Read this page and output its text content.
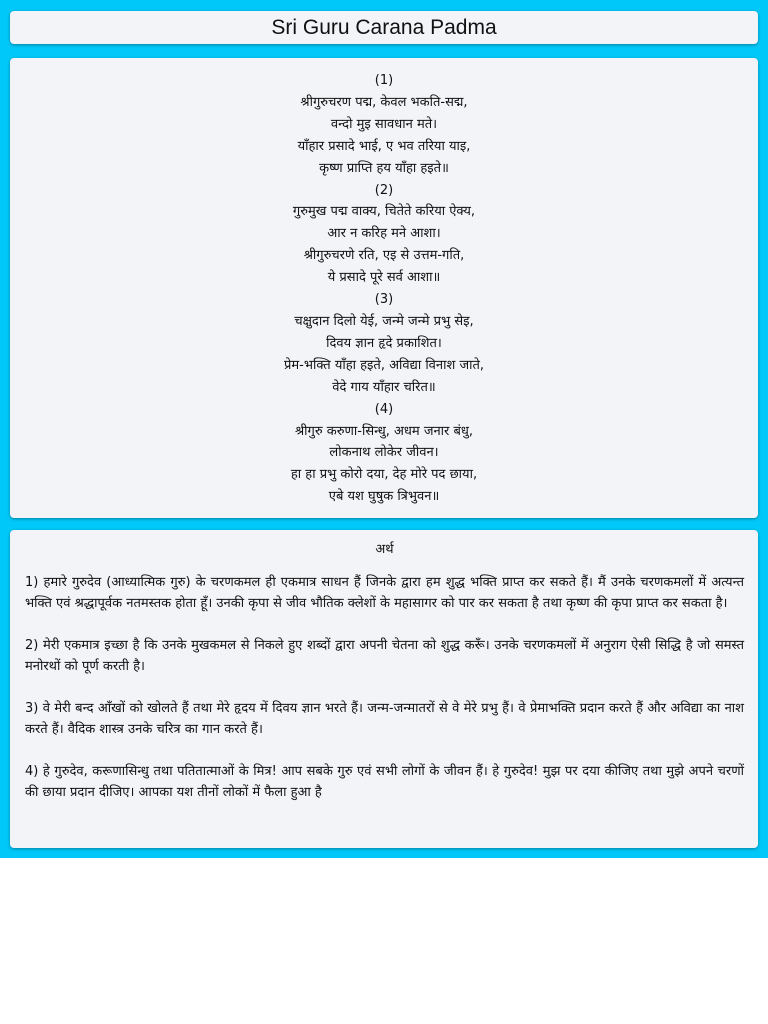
Sri Guru Carana Padma
(1)
श्रीगुरुचरण पद्म, केवल भकति-सद्म,
वन्दो मुइ सावधान मते।
याँहार प्रसादे भाई, ए भव तरिया याइ,
कृष्ण प्राप्ति हय याँहा हइते॥
(2)
गुरुमुख पद्म वाक्य, चितेते करिया ऐक्य,
आर न करिह मने आशा।
श्रीगुरुचरणे रति, एइ से उत्तम-गति,
ये प्रसादे पूरे सर्व आशा॥
(3)
चक्षुदान दिलो येई, जन्मे जन्मे प्रभु सेइ,
दिवय ज्ञान हृदे प्रकाशित।
प्रेम-भक्ति याँहा हइते, अविद्या विनाश जाते,
वेदे गाय याँहार चरित॥
(4)
श्रीगुरु करुणा-सिन्धु, अधम जनार बंधु,
लोकनाथ लोकेर जीवन।
हा हा प्रभु कोरो दया, देह मोरे पद छाया,
एबे यश घुषुक त्रिभुवन॥
अर्थ

1) हमारे गुरुदेव (आध्यात्मिक गुरु) के चरणकमल ही एकमात्र साधन हैं जिनके द्वारा हम शुद्ध भक्ति प्राप्त कर सकते हैं। मैं उनके चरणकमलों में अत्यन्त भक्ति एवं श्रद्धापूर्वक नतमस्तक होता हूँ। उनकी कृपा से जीव भौतिक क्लेशों के महासागर को पार कर सकता है तथा कृष्ण की कृपा प्राप्त कर सकता है।

2) मेरी एकमात्र इच्छा है कि उनके मुखकमल से निकले हुए शब्दों द्वारा अपनी चेतना को शुद्ध करूँ। उनके चरणकमलों में अनुराग ऐसी सिद्धि है जो समस्त मनोरथों को पूर्ण करती है।

3) वे मेरी बन्द आँखों को खोलते हैं तथा मेरे हृदय में दिवय ज्ञान भरते हैं। जन्म-जन्मातरों से वे मेरे प्रभु हैं। वे प्रेमाभक्ति प्रदान करते हैं और अविद्या का नाश करते हैं। वैदिक शास्त्र उनके चरित्र का गान करते हैं।

4) हे गुरुदेव, करूणासिन्धु तथा पतितात्माओं के मित्र! आप सबके गुरु एवं सभी लोगों के जीवन हैं। हे गुरुदेव! मुझ पर दया कीजिए तथा मुझे अपने चरणों की छाया प्रदान दीजिए। आपका यश तीनों लोकों में फैला हुआ है
